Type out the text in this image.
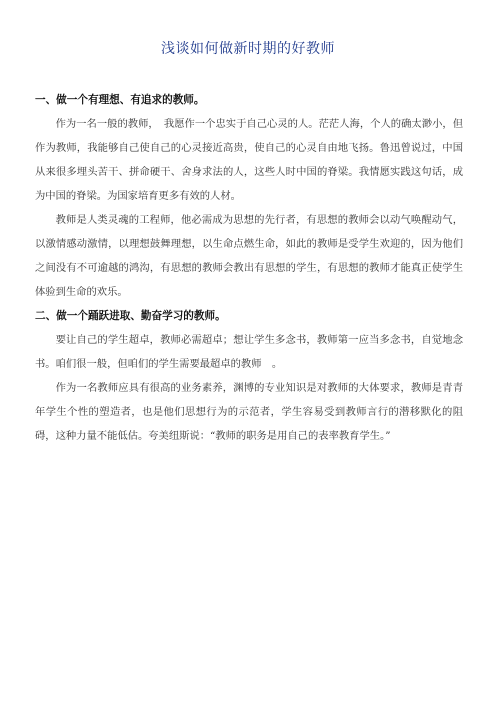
浅谈如何做新时期的好教师

一、做一个有理想、有追求的教师。

作为一名一般的教师，　我愿作一个忠实于自己心灵的人。茫茫人海，个人的确太渺小，但作为教师，我能够自己使自己的心灵接近高贵，使自己的心灵自由地飞扬。鲁迅曾说过，中国从来很多埋头苦干、拼命硬干、舍身求法的人，这些人时中国的脊梁。我情愿实践这句话，成为中国的脊梁。为国家培育更多有效的人材。

教师是人类灵魂的工程师，他必需成为思想的先行者，有思想的教师会以动气唤醒动气，以激情感动激情，以理想鼓舞理想，以生命点燃生命，如此的教师是受学生欢迎的，因为他们之间没有不可逾越的鸿沟，有思想的教师会教出有思想的学生，有思想的教师才能真正使学生体验到生命的欢乐。

二、做一个踊跃进取、勤奋学习的教师。

要让自己的学生超卓，教师必需超卓；想让学生多念书，教师第一应当多念书，自觉地念书。咱们很一般，但咱们的学生需要最超卓的教师　。

作为一名教师应具有很高的业务素养，渊博的专业知识是对教师的大体要求，教师是青青年学生个性的塑造者，也是他们思想行为的示范者，学生容易受到教师言行的潜移默化的阻碍，这种力量不能低估。夸美纽斯说：“教师的职务是用自己的表率教育学生。”
